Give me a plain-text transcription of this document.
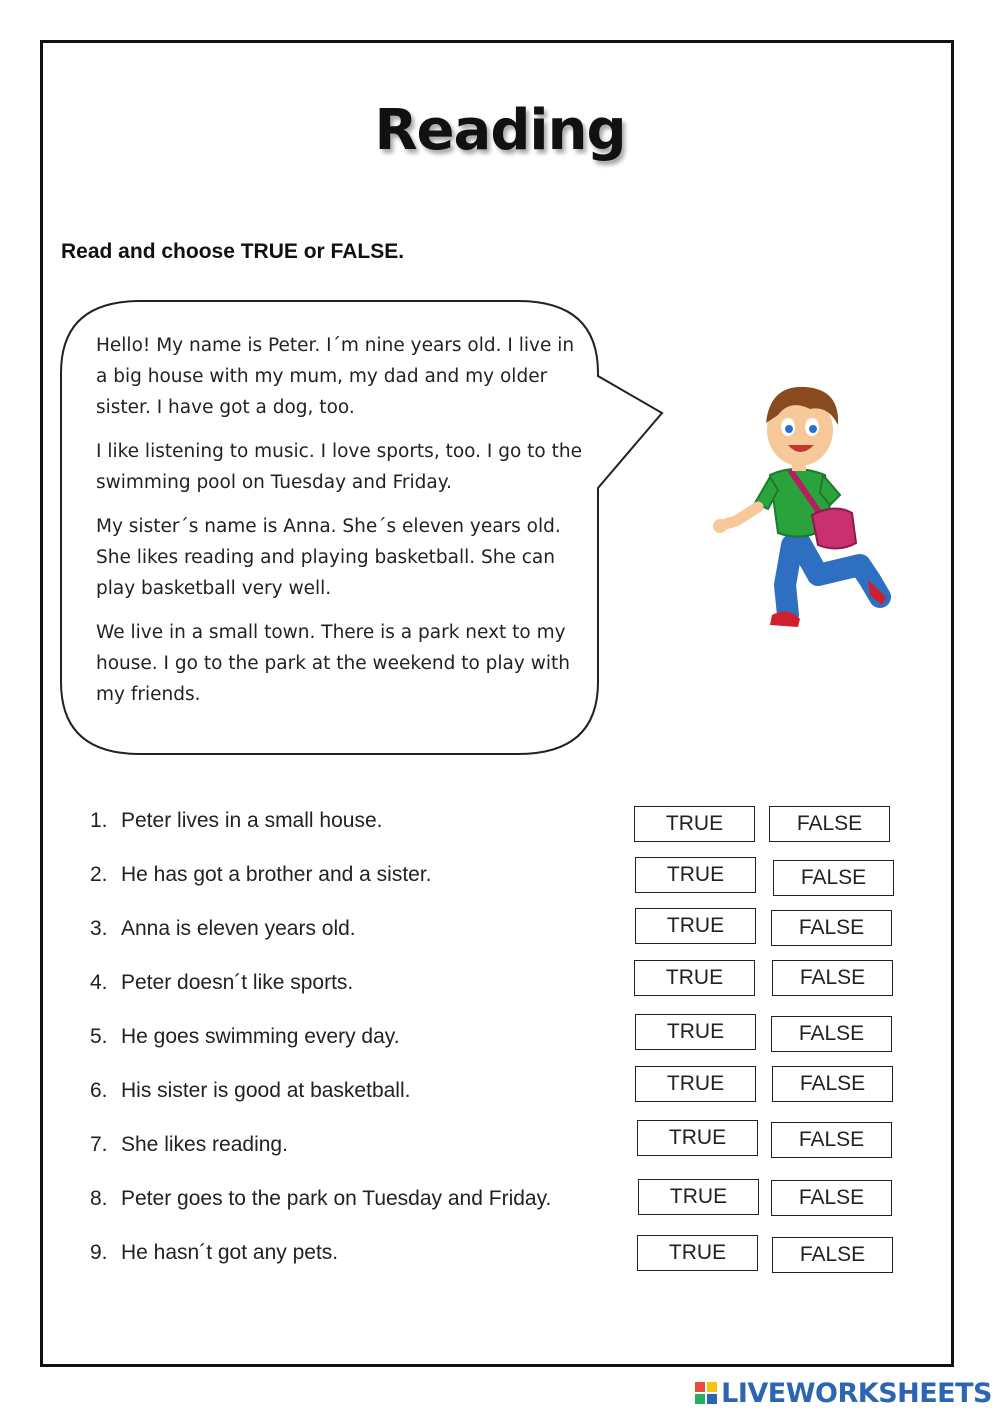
Reading
Read and choose TRUE or FALSE.

Hello! My name is Peter. I´m nine years old. I live in a big house with my mum, my dad and my older sister. I have got a dog, too.

I like listening to music. I love sports, too. I go to the swimming pool on Tuesday and Friday.

My sister´s name is Anna. She´s eleven years old. She likes reading and playing basketball. She can play basketball very well.

We live in a small town. There is a park next to my house. I go to the park at the weekend to play with my friends.

1. Peter lives in a small house.	TRUE	FALSE
2. He has got a brother and a sister.	TRUE	FALSE
3. Anna is eleven years old.	TRUE	FALSE
4. Peter doesn´t like sports.	TRUE	FALSE
5. He goes swimming every day.	TRUE	FALSE
6. His sister is good at basketball.	TRUE	FALSE
7. She likes reading.	TRUE	FALSE
8. Peter goes to the park on Tuesday and Friday.	TRUE	FALSE
9. He hasn´t got any pets.	TRUE	FALSE
LIVEWORKSHEETS
